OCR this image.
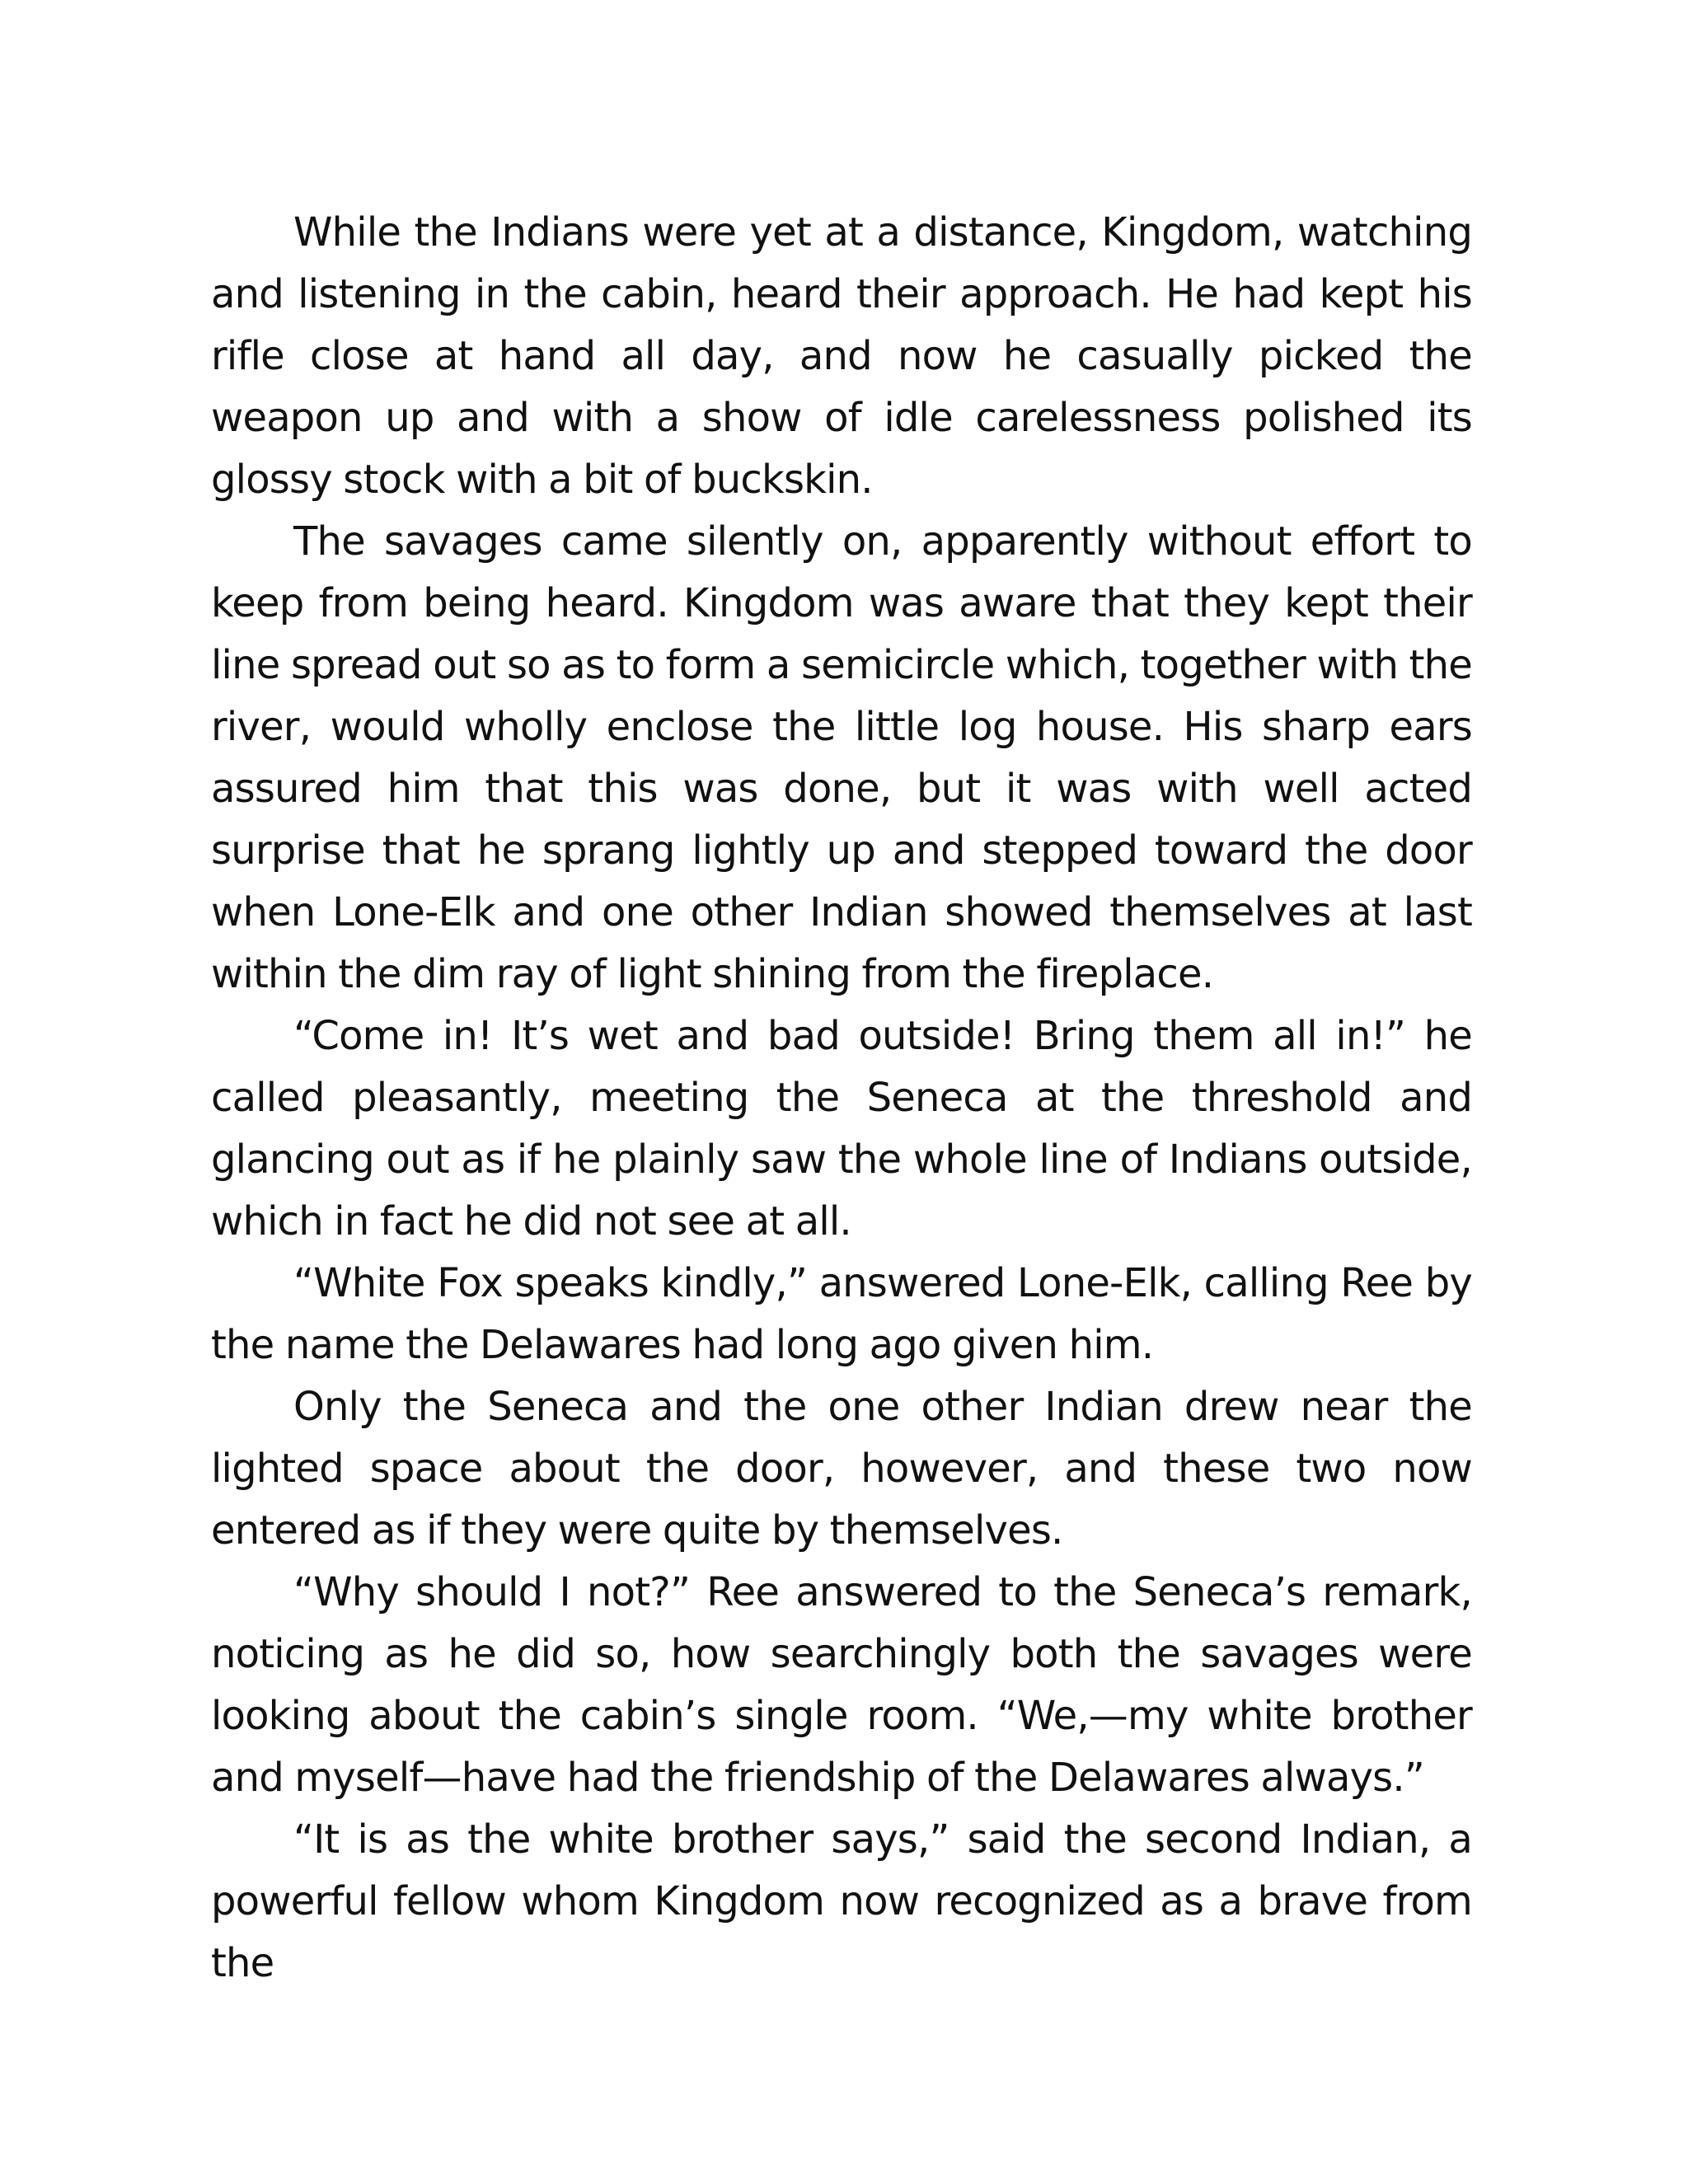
While the Indians were yet at a distance, Kingdom, watching and listening in the cabin, heard their approach. He had kept his rifle close at hand all day, and now he casually picked the weapon up and with a show of idle carelessness polished its glossy stock with a bit of buckskin.

The savages came silently on, apparently without effort to keep from being heard. Kingdom was aware that they kept their line spread out so as to form a semicircle which, together with the river, would wholly enclose the little log house. His sharp ears assured him that this was done, but it was with well acted surprise that he sprang lightly up and stepped toward the door when Lone-Elk and one other Indian showed themselves at last within the dim ray of light shining from the fireplace.

“Come in! It’s wet and bad outside! Bring them all in!” he called pleasantly, meeting the Seneca at the threshold and glancing out as if he plainly saw the whole line of Indians outside, which in fact he did not see at all.

“White Fox speaks kindly,” answered Lone-Elk, calling Ree by the name the Delawares had long ago given him.

Only the Seneca and the one other Indian drew near the lighted space about the door, however, and these two now entered as if they were quite by themselves.

“Why should I not?” Ree answered to the Seneca’s remark, noticing as he did so, how searchingly both the savages were looking about the cabin’s single room. “We,—my white brother and myself—have had the friendship of the Delawares always.”

“It is as the white brother says,” said the second Indian, a powerful fellow whom Kingdom now recognized as a brave from the
